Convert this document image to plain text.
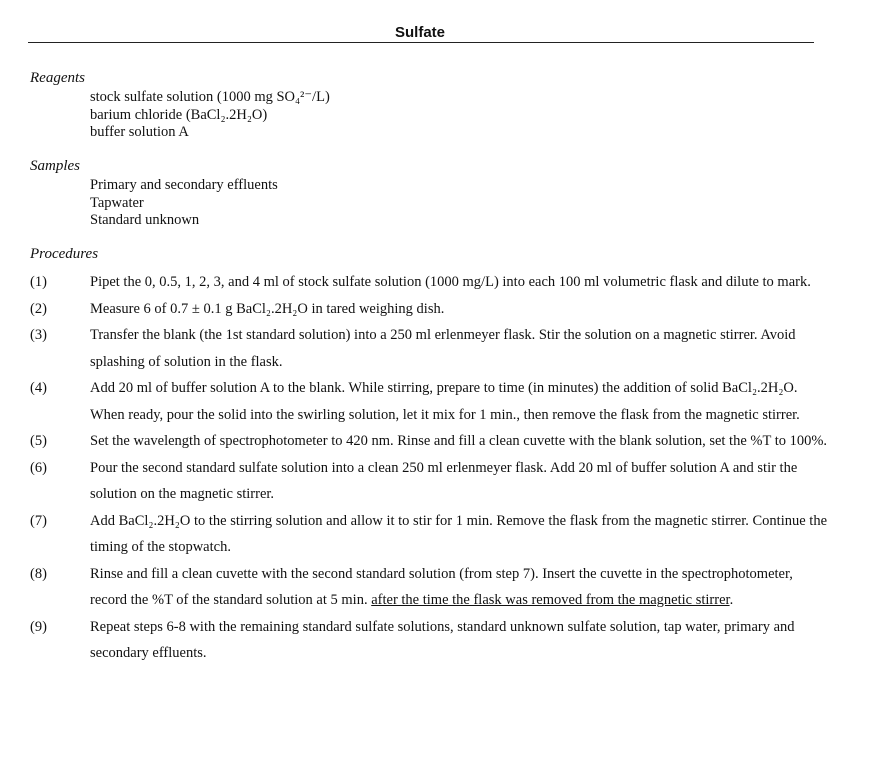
Sulfate
Reagents
stock sulfate solution (1000 mg SO₄²⁻/L)
barium chloride (BaCl₂.2H₂O)
buffer solution A
Samples
Primary and secondary effluents
Tapwater
Standard unknown
Procedures
(1)	Pipet the 0, 0.5, 1, 2, 3, and 4 ml of stock sulfate solution (1000 mg/L) into each 100 ml volumetric flask and dilute to mark.
(2)	Measure 6 of 0.7 ± 0.1 g BaCl₂.2H₂O in tared weighing dish.
(3)	Transfer the blank (the 1st standard solution) into a 250 ml erlenmeyer flask. Stir the solution on a magnetic stirrer. Avoid splashing of solution in the flask.
(4)	Add 20 ml of buffer solution A to the blank. While stirring, prepare to time (in minutes) the addition of solid BaCl₂.2H₂O. When ready, pour the solid into the swirling solution, let it mix for 1 min., then remove the flask from the magnetic stirrer.
(5)	Set the wavelength of spectrophotometer to 420 nm. Rinse and fill a clean cuvette with the blank solution, set the %T to 100%.
(6)	Pour the second standard sulfate solution into a clean 250 ml erlenmeyer flask. Add 20 ml of buffer solution A and stir the solution on the magnetic stirrer.
(7)	Add BaCl₂.2H₂O to the stirring solution and allow it to stir for 1 min. Remove the flask from the magnetic stirrer. Continue the timing of the stopwatch.
(8)	Rinse and fill a clean cuvette with the second standard solution (from step 7). Insert the cuvette in the spectrophotometer, record the %T of the standard solution at 5 min. after the time the flask was removed from the magnetic stirrer.
(9)	Repeat steps 6-8 with the remaining standard sulfate solutions, standard unknown sulfate solution, tap water, primary and secondary effluents.
